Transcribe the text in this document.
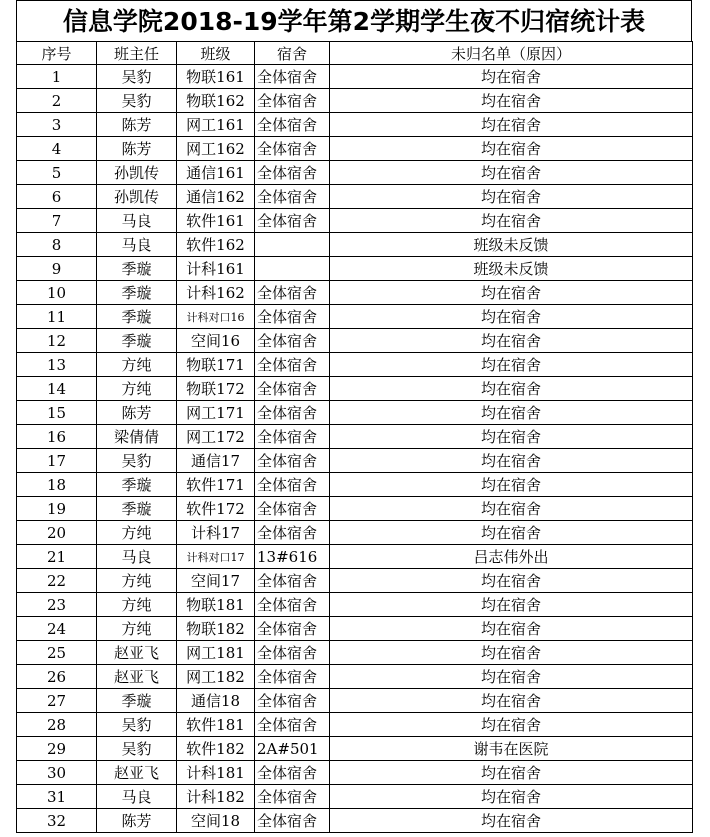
信息学院2018-19学年第2学期学生夜不归宿统计表
序号	班主任	班级	宿舍	未归名单（原因）
1	吴豹	物联161	全体宿舍	均在宿舍
2	吴豹	物联162	全体宿舍	均在宿舍
3	陈芳	网工161	全体宿舍	均在宿舍
4	陈芳	网工162	全体宿舍	均在宿舍
5	孙凯传	通信161	全体宿舍	均在宿舍
6	孙凯传	通信162	全体宿舍	均在宿舍
7	马良	软件161	全体宿舍	均在宿舍
8	马良	软件162		班级未反馈
9	季璇	计科161		班级未反馈
10	季璇	计科162	全体宿舍	均在宿舍
11	季璇	计科对口16	全体宿舍	均在宿舍
12	季璇	空间16	全体宿舍	均在宿舍
13	方纯	物联171	全体宿舍	均在宿舍
14	方纯	物联172	全体宿舍	均在宿舍
15	陈芳	网工171	全体宿舍	均在宿舍
16	梁倩倩	网工172	全体宿舍	均在宿舍
17	吴豹	通信17	全体宿舍	均在宿舍
18	季璇	软件171	全体宿舍	均在宿舍
19	季璇	软件172	全体宿舍	均在宿舍
20	方纯	计科17	全体宿舍	均在宿舍
21	马良	计科对口17	13#616	吕志伟外出
22	方纯	空间17	全体宿舍	均在宿舍
23	方纯	物联181	全体宿舍	均在宿舍
24	方纯	物联182	全体宿舍	均在宿舍
25	赵亚飞	网工181	全体宿舍	均在宿舍
26	赵亚飞	网工182	全体宿舍	均在宿舍
27	季璇	通信18	全体宿舍	均在宿舍
28	吴豹	软件181	全体宿舍	均在宿舍
29	吴豹	软件182	2A#501	谢韦在医院
30	赵亚飞	计科181	全体宿舍	均在宿舍
31	马良	计科182	全体宿舍	均在宿舍
32	陈芳	空间18	全体宿舍	均在宿舍
